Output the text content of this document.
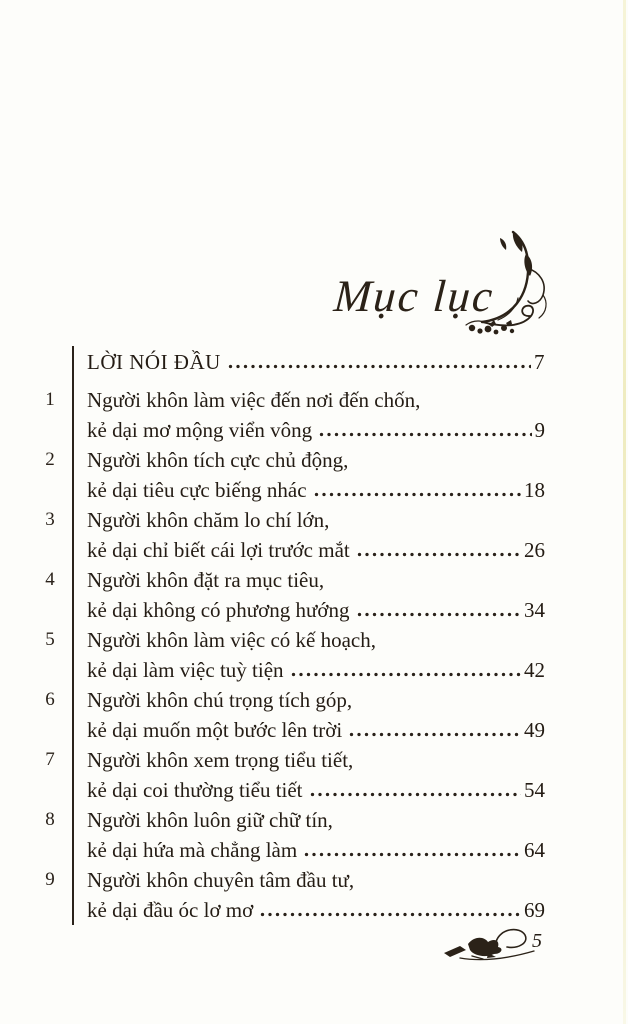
Mục lục
LỜI NÓI ĐẦU	7
1	Người khôn làm việc đến nơi đến chốn,
kẻ dại mơ mộng viển vông	9
2	Người khôn tích cực chủ động,
kẻ dại tiêu cực biếng nhác	18
3	Người khôn chăm lo chí lớn,
kẻ dại chỉ biết cái lợi trước mắt	26
4	Người khôn đặt ra mục tiêu,
kẻ dại không có phương hướng	34
5	Người khôn làm việc có kế hoạch,
kẻ dại làm việc tuỳ tiện	42
6	Người khôn chú trọng tích góp,
kẻ dại muốn một bước lên trời	49
7	Người khôn xem trọng tiểu tiết,
kẻ dại coi thường tiểu tiết	54
8	Người khôn luôn giữ chữ tín,
kẻ dại hứa mà chẳng làm	64
9	Người khôn chuyên tâm đầu tư,
kẻ dại đầu óc lơ mơ	69
5
